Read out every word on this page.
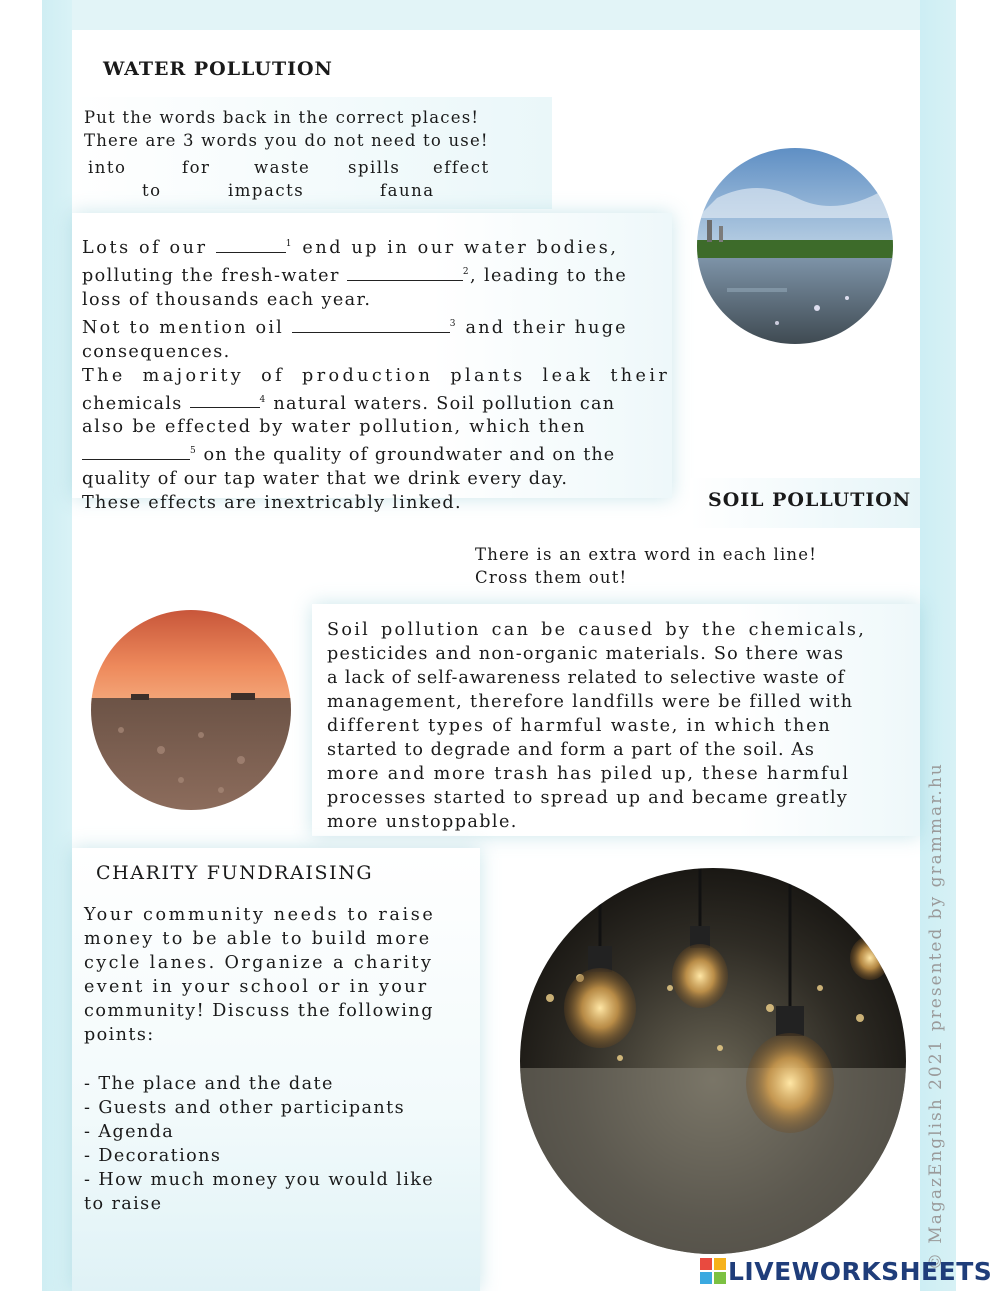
WATER POLLUTION
Put the words back in the correct places!
There are 3 words you do not need to use!
into	for	waste spills effect
to	impacts	fauna
Lots of our	$^1$ end up in our water bodies,
polluting the fresh-water	$^2$, leading to the
loss of thousands each year.
Not to mention oil	$^3$ and their huge
consequences.
The majority of production plants leak their
chemicals	$^4$ natural waters. Soil pollution can
also be effected by water pollution, which then
$^5$ on the quality of groundwater and on the
quality of our tap water that we drink every day.
These effects are inextricably linked.	SOIL POLLUTION
There is an extra word in each line!
Cross them out!
Soil pollution can be caused by the chemicals,
pesticides and non-organic materials. So there was
a lack of self-awareness related to selective waste of
management, therefore landfills were be filled with
different types of harmful waste, in which then
started to degrade and form a part of the soil. As
more and more trash has piled up, these harmful
processes started to spread up and became greatly
more unstoppable.
CHARITY FUNDRAISING
Your community needs to raise
money to be able to build more
cycle lanes. Organize a charity
event in your school or in your
community! Discuss the following
points:
- The place and the date
- Guests and other participants
- Agenda
- Decorations
- How much money you would like
to raise	© MagazEnglish 2021 presented by grammar.hu
LIVEWORKSHEETS
